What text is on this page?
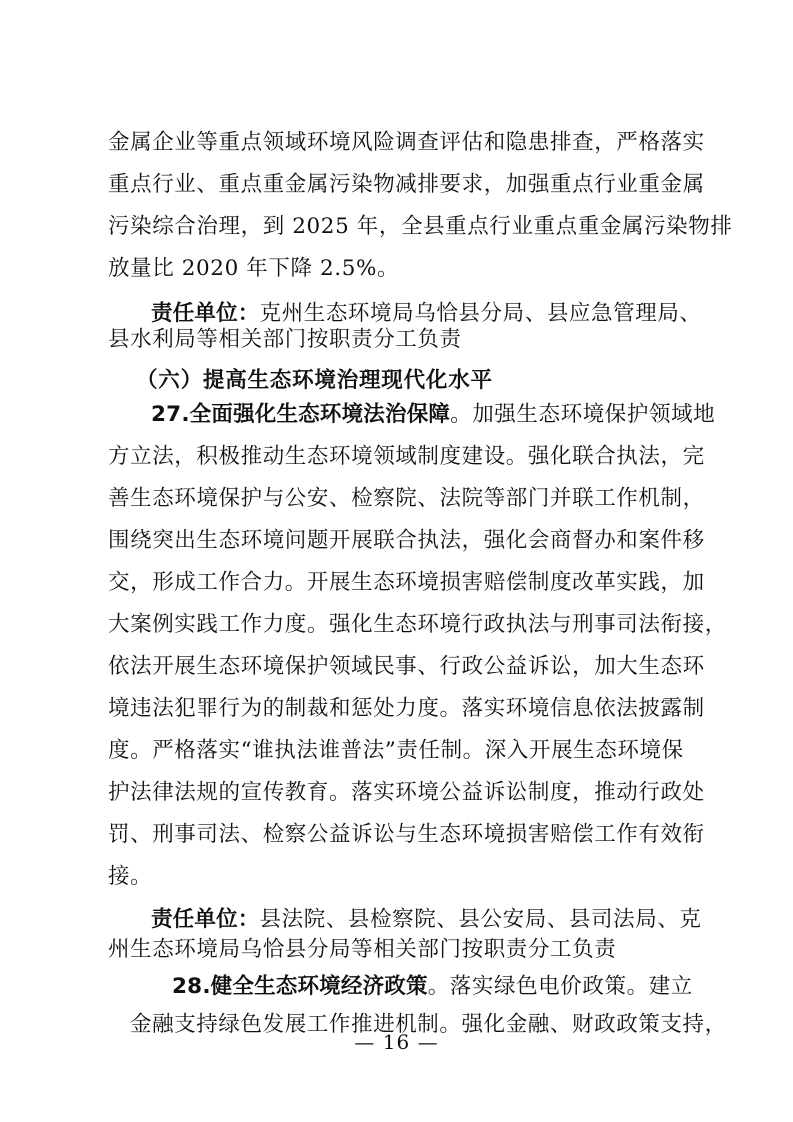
金属企业等重点领域环境风险调查评估和隐患排查，严格落实
重点行业、重点重金属污染物减排要求，加强重点行业重金属
污染综合治理，到 2025 年，全县重点行业重点重金属污染物排
放量比 2020 年下降 2.5%。
责任单位：克州生态环境局乌恰县分局、县应急管理局、
县水利局等相关部门按职责分工负责
（六）提高生态环境治理现代化水平
27.全面强化生态环境法治保障。加强生态环境保护领域地
方立法，积极推动生态环境领域制度建设。强化联合执法，完
善生态环境保护与公安、检察院、法院等部门并联工作机制，
围绕突出生态环境问题开展联合执法，强化会商督办和案件移
交，形成工作合力。开展生态环境损害赔偿制度改革实践，加
大案例实践工作力度。强化生态环境行政执法与刑事司法衔接，
依法开展生态环境保护领域民事、行政公益诉讼，加大生态环
境违法犯罪行为的制裁和惩处力度。落实环境信息依法披露制
度。严格落实“谁执法谁普法”责任制。深入开展生态环境保
护法律法规的宣传教育。落实环境公益诉讼制度，推动行政处
罚、刑事司法、检察公益诉讼与生态环境损害赔偿工作有效衔
接。
责任单位：县法院、县检察院、县公安局、县司法局、克
州生态环境局乌恰县分局等相关部门按职责分工负责
28.健全生态环境经济政策。落实绿色电价政策。建立
金融支持绿色发展工作推进机制。强化金融、财政政策支持，
— 16 —
